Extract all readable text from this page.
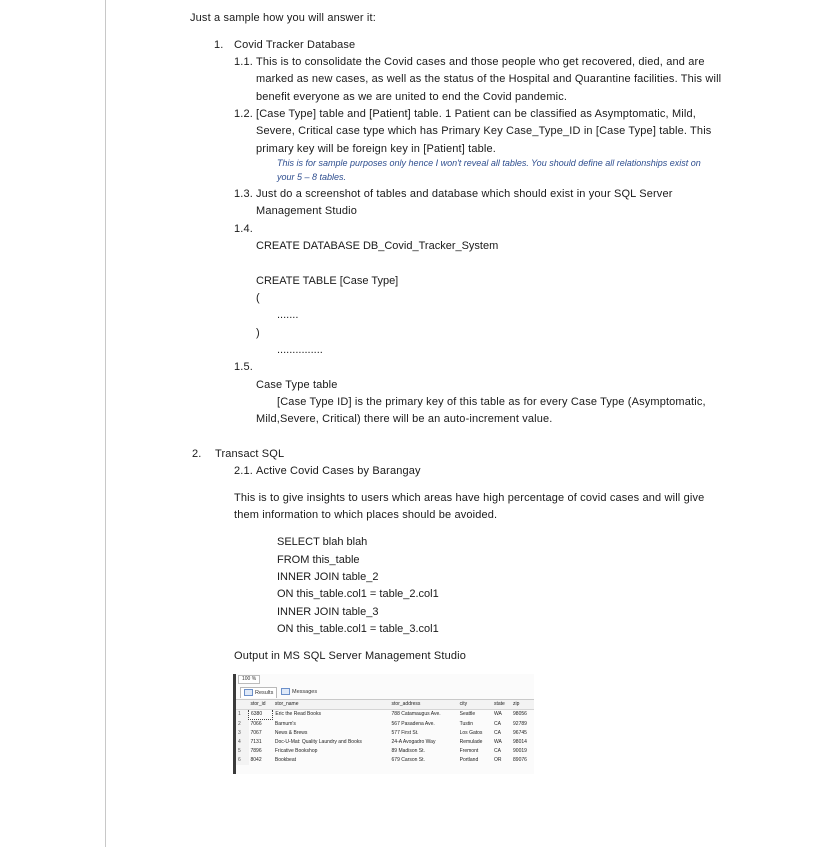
Just a sample how you will answer it:
1. Covid Tracker Database
1.1. This is to consolidate the Covid cases and those people who get recovered, died, and are
marked as new cases, as well as the status of the Hospital and Quarantine facilities. This will
benefit everyone as we are united to end the Covid pandemic.
1.2. [Case Type] table and [Patient] table. 1 Patient can be classified as Asymptomatic, Mild,
Severe, Critical case type which has Primary Key Case_Type_ID in [Case Type] table. This
primary key will be foreign key in [Patient] table.
This is for sample purposes only hence I won't reveal all tables. You should define all relationships exist on
your 5 – 8 tables.
1.3. Just do a screenshot of tables and database which should exist in your SQL Server
Management Studio
1.4.
CREATE DATABASE DB_Covid_Tracker_System
CREATE TABLE [Case Type]
(
.......
)
...............
1.5.
Case Type table
[Case Type ID] is the primary key of this table as for every Case Type (Asymptomatic,
Mild,Severe, Critical) there will be an auto-increment value.
2. Transact SQL
2.1. Active Covid Cases by Barangay
This is to give insights to users which areas have high percentage of covid cases and will give
them information to which places should be avoided.
SELECT blah blah
FROM this_table
INNER JOIN table_2
ON this_table.col1 = table_2.col1
INNER JOIN table_3
ON this_table.col1 = table_3.col1
Output in MS SQL Server Management Studio
100 %
Results	Messages
	stor_id	stor_name	stor_address	city	state	zip
1	6380	Eric the Read Books	788 Catamaugus Ave.	Seattle	WA	98056
2	7066	Barnum's	567 Pasadena Ave.	Tustin	CA	92789
3	7067	News & Brews	577 First St.	Los Gatos	CA	96745
4	7131	Doc-U-Mat: Quality Laundry and Books	24-A Avogadro Way	Remulade	WA	98014
5	7896	Fricative Bookshop	89 Madison St.	Fremont	CA	90019
6	8042	Bookbeat	679 Carson St.	Portland	OR	89076
